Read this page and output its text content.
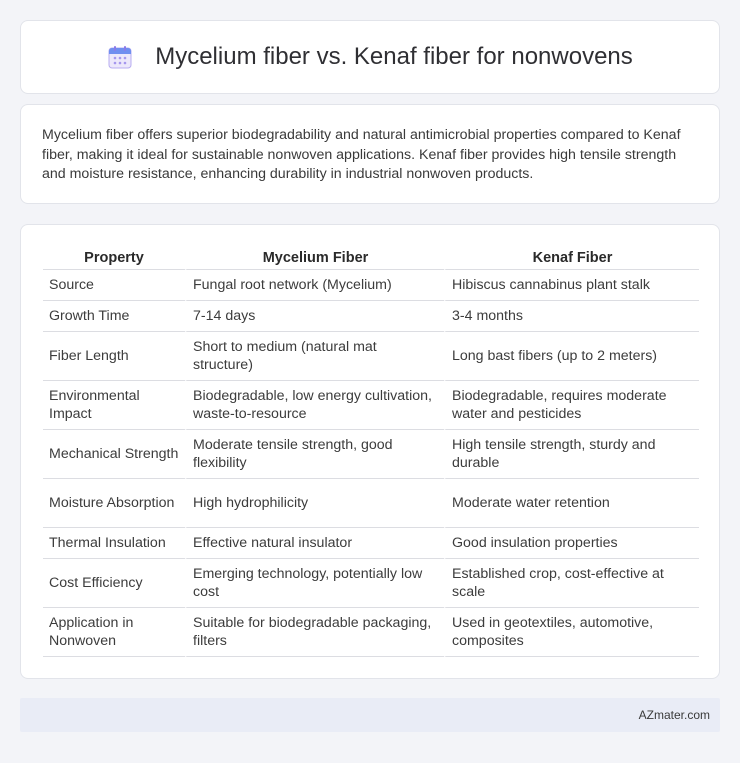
Mycelium fiber vs. Kenaf fiber for nonwovens

Mycelium fiber offers superior biodegradability and natural antimicrobial properties compared to Kenaf fiber, making it ideal for sustainable nonwoven applications. Kenaf fiber provides high tensile strength and moisture resistance, enhancing durability in industrial nonwoven products.

Property	Mycelium Fiber	Kenaf Fiber
Source	Fungal root network (Mycelium)	Hibiscus cannabinus plant stalk
Growth Time	7-14 days	3-4 months
Fiber Length	Short to medium (natural mat structure)	Long bast fibers (up to 2 meters)
Environmental Impact	Biodegradable, low energy cultivation, waste-to-resource	Biodegradable, requires moderate water and pesticides
Mechanical Strength	Moderate tensile strength, good flexibility	High tensile strength, sturdy and durable
Moisture Absorption	High hydrophilicity	Moderate water retention
Thermal Insulation	Effective natural insulator	Good insulation properties
Cost Efficiency	Emerging technology, potentially low cost	Established crop, cost-effective at scale
Application in Nonwoven	Suitable for biodegradable packaging, filters	Used in geotextiles, automotive, composites
AZmater.com
